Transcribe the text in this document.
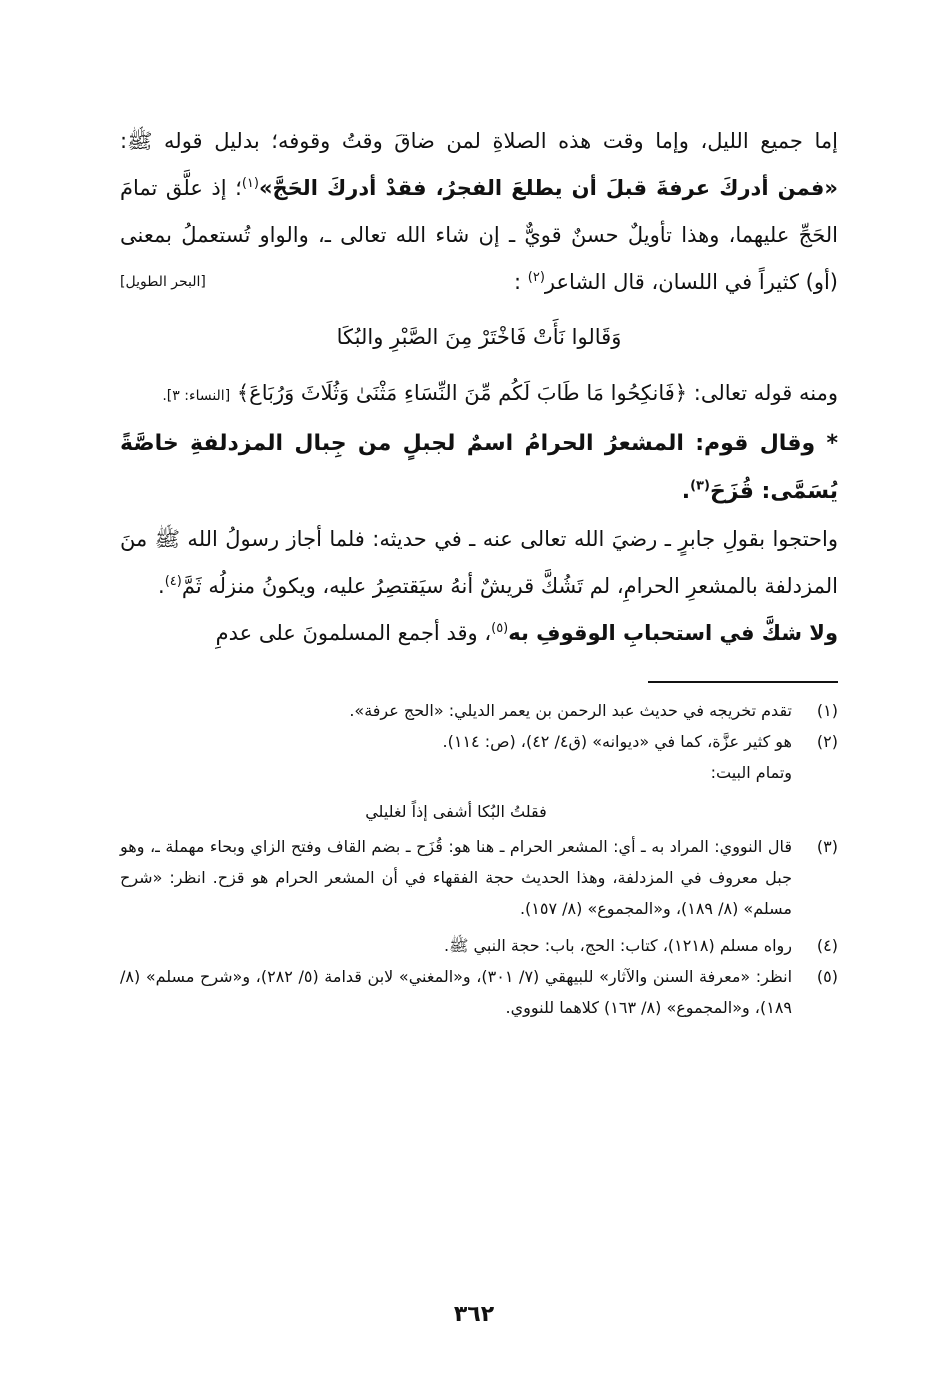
إما جميع الليل، وإما وقت هذه الصلاةِ لمن ضاقَ وقتُ وقوفه؛ بدليل قوله ﷺ: «فمن أدركَ عرفةَ قبلَ أن يطلعَ الفجرُ، فقدْ أدركَ الحَجَّ»$^{(١)}$؛ إذ علَّق تمامَ الحَجِّ عليهما، وهذا تأويلٌ حسنٌ قويٌّ ـ إن شاء الله تعالى ـ، والواو تُستعملُ بمعنى (أو) كثيراً في اللسان، قال الشاعر$^{(٢)}$ :
[البحر الطويل]

وَقَالوا نَأَتْ فَاخْتَرْ مِنَ الصَّبْرِ والبُكَا

ومنه قوله تعالى: ﴿فَانكِحُوا مَا طَابَ لَكُم مِّنَ النِّسَاءِ مَثْنَىٰ وَثُلَاثَ وَرُبَاعَ﴾ [النساء: ٣].

* وقال قوم: المشعرُ الحرامُ اسمٌ لجبلٍ من جِبال المزدلفةِ خاصَّةً يُسَمَّى: قُزَحَ$^{(٣)}$.

واحتجوا بقولِ جابرٍ ـ رضيَ الله تعالى عنه ـ في حديثه: فلما أجاز رسولُ الله ﷺ منَ المزدلفة بالمشعرِ الحرامِ، لم تَشُكَّ قريشٌ أنهُ سيَقتصِرُ عليه، ويكونُ منزلُه ثَمَّ$^{(٤)}$.

ولا شكَّ في استحبابِ الوقوفِ به$^{(٥)}$، وقد أجمع المسلمونَ على عدمِ

(١)
تقدم تخريجه في حديث عبد الرحمن بن يعمر الديلي: «الحج عرفة».
(٢)
هو كثير عزَّة، كما في «ديوانه» (ق٤/ ٤٢)، (ص: ١١٤).
وتمام البيت:
فقلتُ البُكا أشفى إذاً لغليلي
(٣)
قال النووي: المراد به ـ أي: المشعر الحرام ـ هنا هو: قُزَح ـ بضم القاف وفتح الزاي وبحاء مهملة ـ، وهو جبل معروف في المزدلفة، وهذا الحديث حجة الفقهاء في أن المشعر الحرام هو قزح. انظر: «شرح مسلم» (٨/ ١٨٩)، و«المجموع» (٨/ ١٥٧).
(٤)
رواه مسلم (١٢١٨)، كتاب: الحج، باب: حجة النبي ﷺ.
(٥)
انظر: «معرفة السنن والآثار» للبيهقي (٧/ ٣٠١)، و«المغني» لابن قدامة (٥/ ٢٨٢)، و«شرح مسلم» (٨/ ١٨٩)، و«المجموع» (٨/ ١٦٣) كلاهما للنووي.
٣٦٢
